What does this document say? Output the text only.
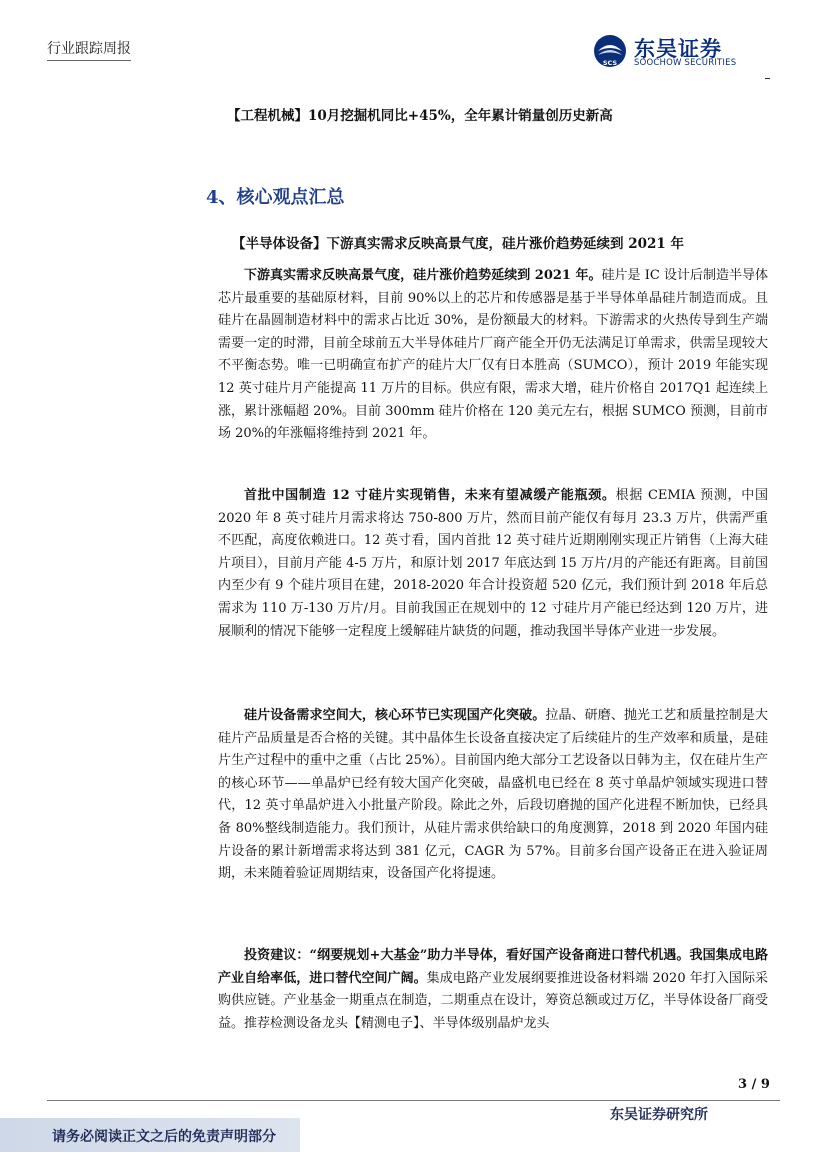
行业跟踪周报
SCS
东吴证券
SOOCHOW SECURITIES
【工程机械】10月挖掘机同比+45%，全年累计销量创历史新高
4、核心观点汇总
【半导体设备】下游真实需求反映高景气度，硅片涨价趋势延续到 2021 年

下游真实需求反映高景气度，硅片涨价趋势延续到 2021 年。硅片是 IC 设计后制造半导体芯片最重要的基础原材料，目前 90%以上的芯片和传感器是基于半导体单晶硅片制造而成。且硅片在晶圆制造材料中的需求占比近 30%，是份额最大的材料。下游需求的火热传导到生产端需要一定的时滞，目前全球前五大半导体硅片厂商产能全开仍无法满足订单需求，供需呈现较大不平衡态势。唯一已明确宣布扩产的硅片大厂仅有日本胜高（SUMCO），预计 2019 年能实现 12 英寸硅片月产能提高 11 万片的目标。供应有限，需求大增，硅片价格自 2017Q1 起连续上涨，累计涨幅超 20%。目前 300mm 硅片价格在 120 美元左右，根据 SUMCO 预测，目前市场 20%的年涨幅将维持到 2021 年。

首批中国制造 12 寸硅片实现销售，未来有望减缓产能瓶颈。根据 CEMIA 预测，中国 2020 年 8 英寸硅片月需求将达 750-800 万片，然而目前产能仅有每月 23.3 万片，供需严重不匹配，高度依赖进口。12 英寸看，国内首批 12 英寸硅片近期刚刚实现正片销售（上海大硅片项目），目前月产能 4-5 万片，和原计划 2017 年底达到 15 万片/月的产能还有距离。目前国内至少有 9 个硅片项目在建，2018-2020 年合计投资超 520 亿元，我们预计到 2018 年后总需求为 110 万-130 万片/月。目前我国正在规划中的 12 寸硅片月产能已经达到 120 万片，进展顺利的情况下能够一定程度上缓解硅片缺货的问题，推动我国半导体产业进一步发展。

硅片设备需求空间大，核心环节已实现国产化突破。拉晶、研磨、抛光工艺和质量控制是大硅片产品质量是否合格的关键。其中晶体生长设备直接决定了后续硅片的生产效率和质量，是硅片生产过程中的重中之重（占比 25%）。目前国内绝大部分工艺设备以日韩为主，仅在硅片生产的核心环节——单晶炉已经有较大国产化突破，晶盛机电已经在 8 英寸单晶炉领域实现进口替代，12 英寸单晶炉进入小批量产阶段。除此之外，后段切磨抛的国产化进程不断加快，已经具备 80%整线制造能力。我们预计，从硅片需求供给缺口的角度测算，2018 到 2020 年国内硅片设备的累计新增需求将达到 381 亿元，CAGR 为 57%。目前多台国产设备正在进入验证周期，未来随着验证周期结束，设备国产化将提速。

投资建议：“纲要规划+大基金”助力半导体，看好国产设备商进口替代机遇。我国集成电路产业自给率低，进口替代空间广阔。集成电路产业发展纲要推进设备材料端 2020 年打入国际采购供应链。产业基金一期重点在制造，二期重点在设计，筹资总额或过万亿，半导体设备厂商受益。推荐检测设备龙头【精测电子】、半导体级别晶炉龙头

3 / 9
请务必阅读正文之后的免责声明部分
东吴证券研究所
